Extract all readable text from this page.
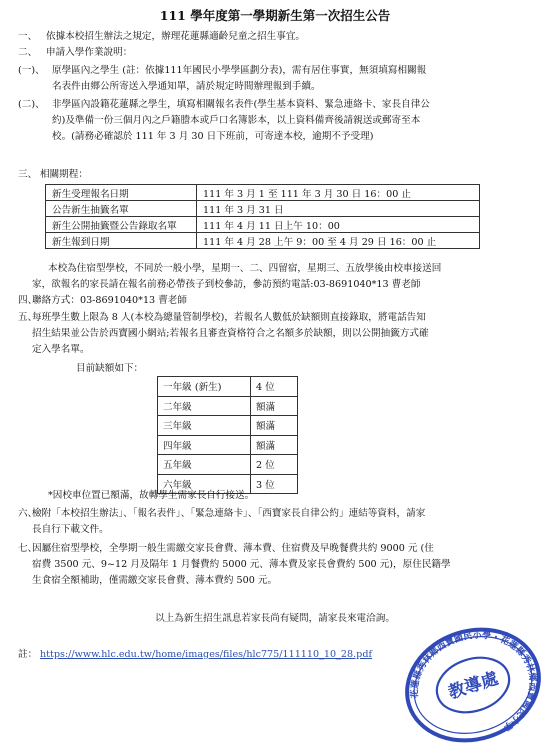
111 學年度第一學期新生第一次招生公告
一、 依據本校招生辦法之規定，辦理花蓮縣適齡兒童之招生事宜。
二、 申請入學作業說明：
(一)、 原學區內之學生 (註：依據111年國民小學學區劃分表)，需有居住事實，無須填寫相關報
名表件由鄉公所寄送入學通知單，請於規定時間辦理報到手續。
(二)、 非學區內設籍花蓮縣之學生，填寫相關報名表件(學生基本資料、緊急連絡卡、家長自律公
約)及準備一份三個月內之戶籍謄本或戶口名簿影本，以上資料備齊後請親送或郵寄至本
校。(請務必確認於 111 年 3 月 30 日下班前，可寄達本校，逾期不予受理)
三、 相關期程：
新生受理報名日期	111 年 3 月 1 至 111 年 3 月 30 日 16：00 止
公告新生抽籤名單	111 年 3 月 31 日
新生公開抽籤暨公告錄取名單	111 年 4 月 11 日上午 10：00
新生報到日期	111 年 4 月 28 上午 9：00 至 4 月 29 日 16：00 止
本校為住宿型學校，不同於一般小學，星期一、二、四留宿，星期三、五放學後由校車接送回
家，欲報名的家長請在報名前務必帶孩子到校參訪，參訪預約電話:03-8691040*13 曹老師
四、
聯絡方式：03-8691040*13 曹老師
五、
每班學生數上限為 8 人(本校為總量管制學校)，若報名人數低於缺額則直接錄取，將電話告知
招生結果並公告於西寶國小網站;若報名且審查資格符合之名額多於缺額，則以公開抽籤方式確
定入學名單。
目前缺額如下：
一年級 (新生)	4 位
二年級	額滿
三年級	額滿
四年級	額滿
五年級	2 位
六年級	3 位
*因校車位置已額滿，故轉學生需家長自行接送。
六、
檢附「本校招生辦法」、「報名表件」、「緊急連絡卡」、「西寶家長自律公約」連結等資料，請家
長自行下載文件。
七、
因屬住宿型學校，全學期一般生需繳交家長會費、薄本費、住宿費及早晚餐費共約 9000 元 (住
宿費 3500 元、9~12 月及隔年 1 月餐費約 5000 元、薄本費及家長會費約 500 元)，原住民籍學
生食宿全額補助，僅需繳交家長會費、薄本費約 500 元。
以上為新生招生訊息若家長尚有疑問，請家長來電洽詢。
註： https://www.hlc.edu.tw/home/images/files/hlc775/111110_10_28.pdf
花蓮縣秀林鄉西寶國民小學・花蓮縣秀林鄉西寶國民小學
教導處
